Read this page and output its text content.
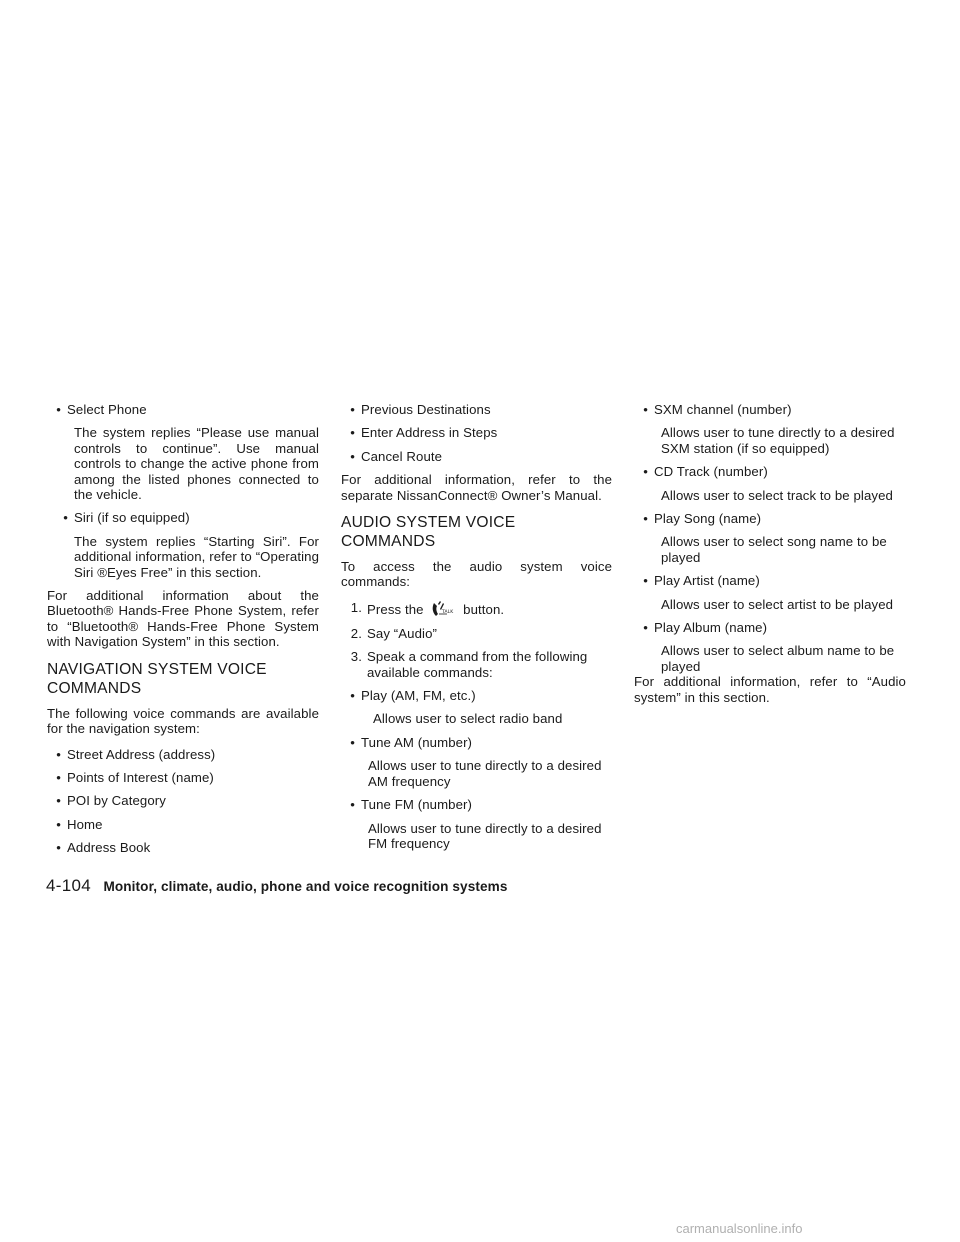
• Select Phone

The system replies “Please use manual controls to continue”. Use manual controls to change the active phone from among the listed phones connected to the vehicle.

• Siri (if so equipped)

The system replies “Starting Siri”. For additional information, refer to “Operating Siri ®Eyes Free” in this section.

For additional information about the Bluetooth® Hands-Free Phone System, refer to “Bluetooth® Hands-Free Phone System with Navigation System” in this section.

NAVIGATION SYSTEM VOICE COMMANDS

The following voice commands are available for the navigation system:

• Street Address (address)
• Points of Interest (name)
• POI by Category
• Home
• Address Book
• Previous Destinations
• Enter Address in Steps
• Cancel Route

For additional information, refer to the separate NissanConnect® Owner’s Manual.

AUDIO SYSTEM VOICE COMMANDS

To access the audio system voice commands:

1. Press the	TALK button.
2. Say “Audio”
3. Speak a command from the following available commands:
• Play (AM, FM, etc.)

Allows user to select radio band

• Tune AM (number)

Allows user to tune directly to a desired AM frequency

• Tune FM (number)

Allows user to tune directly to a desired FM frequency

• SXM channel (number)

Allows user to tune directly to a desired SXM station (if so equipped)

• CD Track (number)

Allows user to select track to be played

• Play Song (name)

Allows user to select song name to be played

• Play Artist (name)

Allows user to select artist to be played

• Play Album (name)

Allows user to select album name to be played

For additional information, refer to “Audio system” in this section.

4-104 Monitor, climate, audio, phone and voice recognition systems
carmanualsonline.info
